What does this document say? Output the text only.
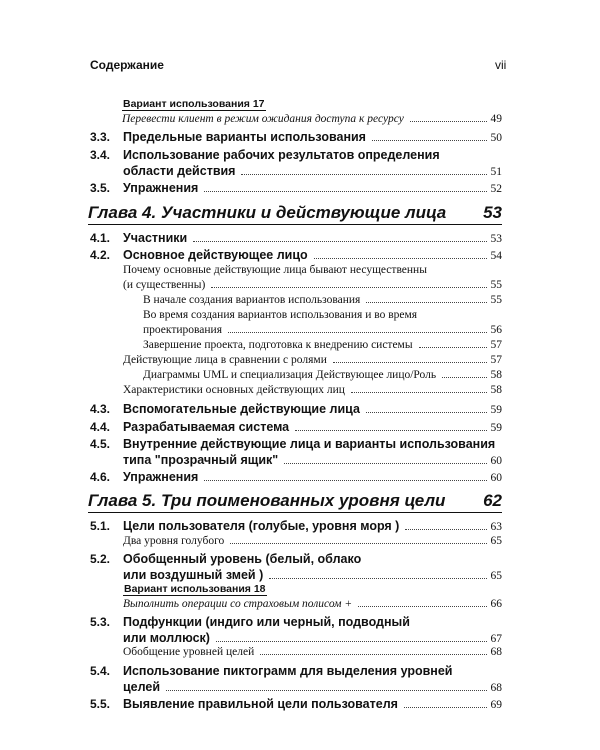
Содержание	vii
Вариант использования 17
Перевести клиент в режим ожидания доступа к ресурсу	49
3.3.	Предельные варианты использования	50
3.4.	Использование рабочих результатов определения
области действия	51
3.5.	Упражнения	52
Глава 4. Участники и действующие лица	53
4.1.	Участники	53
4.2.	Основное действующее лицо	54
Почему основные действующие лица бывают несущественны
(и существенны)	55
В начале создания вариантов использования	55
Во время создания вариантов использования и во время
проектирования	56
Завершение проекта, подготовка к внедрению системы	57
Действующие лица в сравнении с ролями	57
Диаграммы UML и специализация Действующее лицо/Роль	58
Характеристики основных действующих лиц	58
4.3.	Вспомогательные действующие лица	59
4.4.	Разрабатываемая система	59
4.5.	Внутренние действующие лица и варианты использования
типа "прозрачный ящик"	60
4.6.	Упражнения	60
Глава 5. Три поименованных уровня цели	62
5.1.	Цели пользователя (голубые, уровня моря )	63
Два уровня голубого	65
5.2.	Обобщенный уровень (белый, облако
или воздушный змей )	65
Вариант использования 18
Выполнить операции со страховым полисом +	66
5.3.	Подфункции (индиго или черный, подводный
или моллюск)	67
Обобщение уровней целей	68
5.4.	Использование пиктограмм для выделения уровней
целей	68
5.5.	Выявление правильной цели пользователя	69
